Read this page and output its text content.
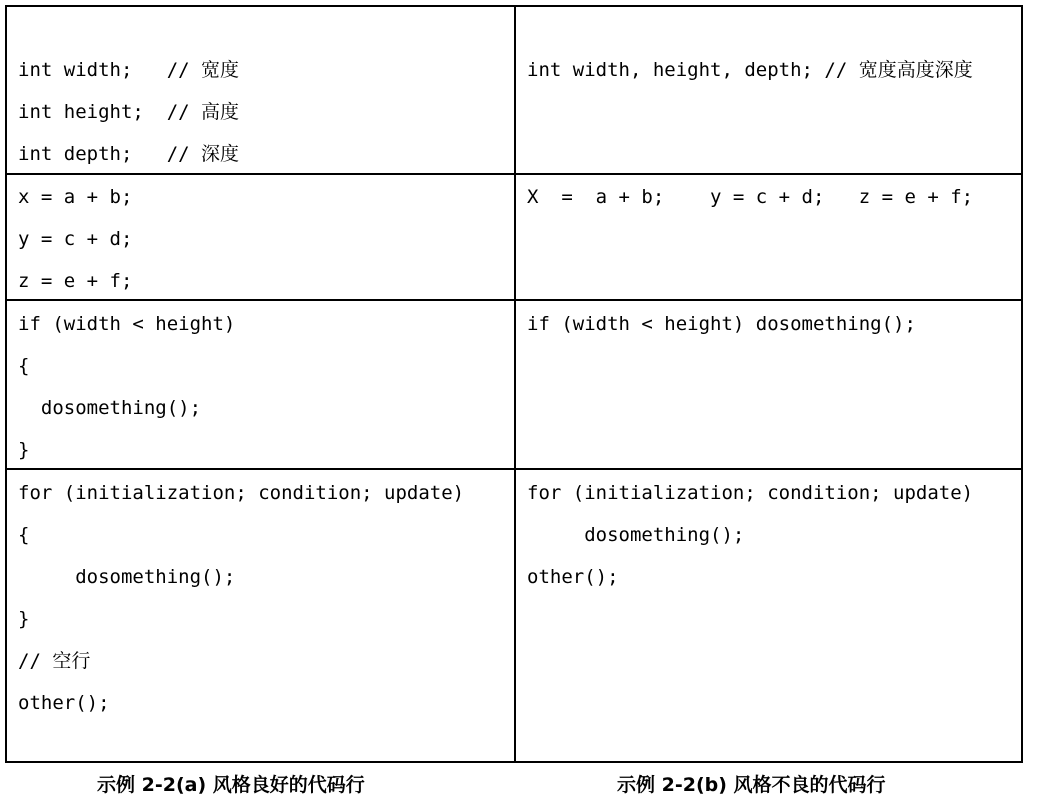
int width;   // 宽度
int height;  // 高度
int depth;   // 深度
int width, height, depth; // 宽度高度深度
x = a + b;
y = c + d;
z = e + f;
X  =  a + b;    y = c + d;   z = e + f;
if (width < height)
{
dosomething();
}
if (width < height) dosomething();
for (initialization; condition; update)
{
dosomething();
}
// 空行
other();
for (initialization; condition; update)
dosomething();
other();
示例 2-2(a) 风格良好的代码行	示例 2-2(b) 风格不良的代码行
